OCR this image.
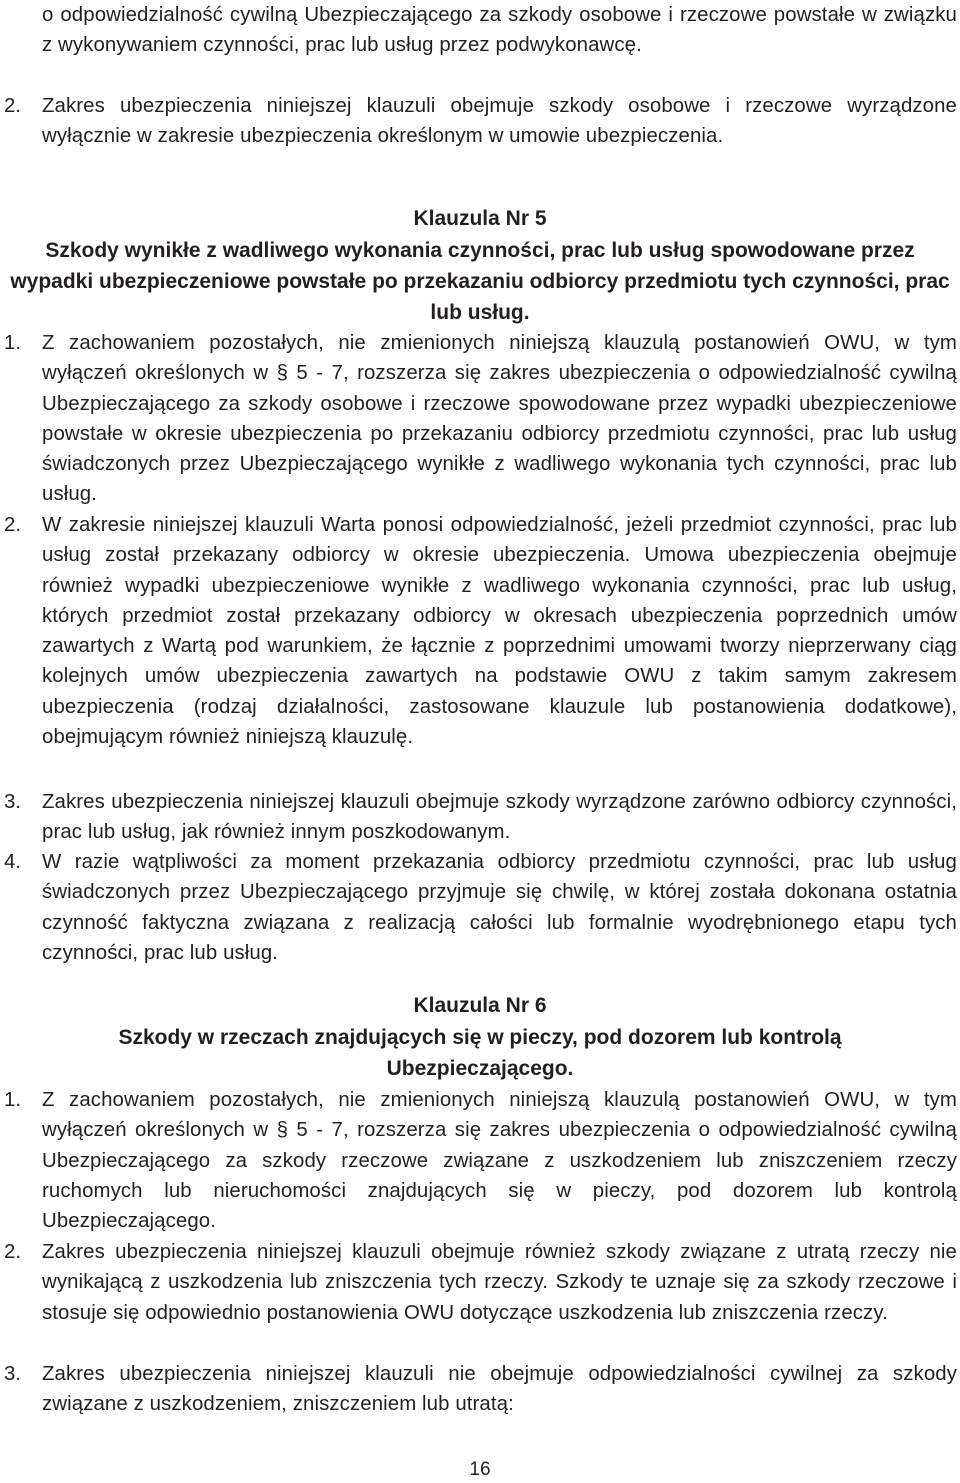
o odpowiedzialność cywilną Ubezpieczającego za szkody osobowe i rzeczowe powstałe w związku z wykonywaniem czynności, prac lub usług przez podwykonawcę.
2.	Zakres ubezpieczenia niniejszej klauzuli obejmuje szkody osobowe i rzeczowe wyrządzone wyłącznie w zakresie ubezpieczenia określonym w umowie ubezpieczenia.
Klauzula Nr 5
Szkody wynikłe z wadliwego wykonania czynności, prac lub usług spowodowane przez wypadki ubezpieczeniowe powstałe po przekazaniu odbiorcy przedmiotu tych czynności, prac lub usług.
1.	Z zachowaniem pozostałych, nie zmienionych niniejszą klauzulą postanowień OWU, w tym wyłączeń określonych w § 5 - 7, rozszerza się zakres ubezpieczenia o odpowiedzialność cywilną Ubezpieczającego za szkody osobowe i rzeczowe spowodowane przez wypadki ubezpieczeniowe powstałe w okresie ubezpieczenia po przekazaniu odbiorcy przedmiotu czynności, prac lub usług świadczonych przez Ubezpieczającego wynikłe z wadliwego wykonania tych czynności, prac lub usług.
2.	W zakresie niniejszej klauzuli Warta ponosi odpowiedzialność, jeżeli przedmiot czynności, prac lub usług został przekazany odbiorcy w okresie ubezpieczenia. Umowa ubezpieczenia obejmuje również wypadki ubezpieczeniowe wynikłe z wadliwego wykonania czynności, prac lub usług, których przedmiot został przekazany odbiorcy w okresach ubezpieczenia poprzednich umów zawartych z Wartą pod warunkiem, że łącznie z poprzednimi umowami tworzy nieprzerwany ciąg kolejnych umów ubezpieczenia zawartych na podstawie OWU z takim samym zakresem ubezpieczenia (rodzaj działalności, zastosowane klauzule lub postanowienia dodatkowe), obejmującym również niniejszą klauzulę.
3.	Zakres ubezpieczenia niniejszej klauzuli obejmuje szkody wyrządzone zarówno odbiorcy czynności, prac lub usług, jak również innym poszkodowanym.
4.	W razie wątpliwości za moment przekazania odbiorcy przedmiotu czynności, prac lub usług świadczonych przez Ubezpieczającego przyjmuje się chwilę, w której została dokonana ostatnia czynność faktyczna związana z realizacją całości lub formalnie wyodrębnionego etapu tych czynności, prac lub usług.
Klauzula Nr 6
Szkody w rzeczach znajdujących się w pieczy, pod dozorem lub kontrolą Ubezpieczającego.
1.	Z zachowaniem pozostałych, nie zmienionych niniejszą klauzulą postanowień OWU, w tym wyłączeń określonych w § 5 - 7, rozszerza się zakres ubezpieczenia o odpowiedzialność cywilną Ubezpieczającego za szkody rzeczowe związane z uszkodzeniem lub zniszczeniem rzeczy ruchomych lub nieruchomości znajdujących się w pieczy, pod dozorem lub kontrolą Ubezpieczającego.
2.	Zakres ubezpieczenia niniejszej klauzuli obejmuje również szkody związane z utratą rzeczy nie wynikającą z uszkodzenia lub zniszczenia tych rzeczy. Szkody te uznaje się za szkody rzeczowe i stosuje się odpowiednio postanowienia OWU dotyczące uszkodzenia lub zniszczenia rzeczy.
3.	Zakres ubezpieczenia niniejszej klauzuli nie obejmuje odpowiedzialności cywilnej za szkody związane z uszkodzeniem, zniszczeniem lub utratą:
16
